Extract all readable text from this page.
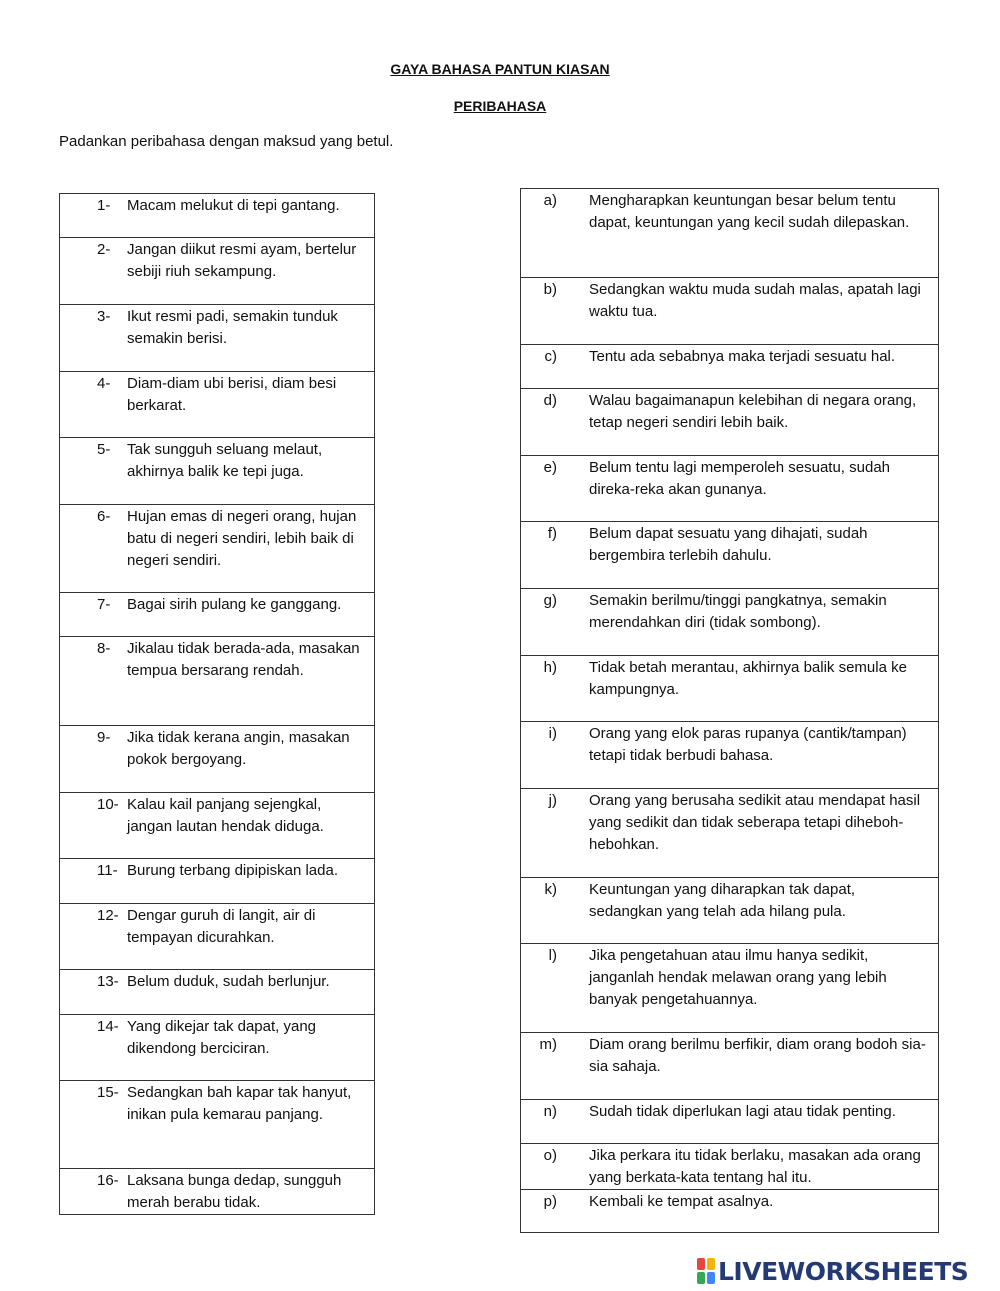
GAYA BAHASA PANTUN KIASAN
PERIBAHASA
Padankan peribahasa dengan maksud yang betul.
1-	Macam melukut di tepi gantang.

2-	Jangan diikut resmi ayam, bertelur sebiji riuh sekampung.

3-	Ikut resmi padi, semakin tunduk semakin berisi.

4-	Diam-diam ubi berisi, diam besi berkarat.

5-	Tak sungguh seluang melaut, akhirnya balik ke tepi juga.

6-	Hujan emas di negeri orang, hujan batu di negeri sendiri, lebih baik di negeri sendiri.

7-	Bagai sirih pulang ke ganggang.

8-	Jikalau tidak berada-ada, masakan tempua bersarang rendah.

9-	Jika tidak kerana angin, masakan pokok bergoyang.

10- Kalau kail panjang sejengkal, jangan lautan hendak diduga.

11- Burung terbang dipipiskan lada.

12- Dengar guruh di langit, air di tempayan dicurahkan.

13- Belum duduk, sudah berlunjur.

14- Yang dikejar tak dapat, yang dikendong berciciran.

15- Sedangkan bah kapar tak hanyut, inikan pula kemarau panjang.

16- Laksana bunga dedap, sungguh merah berabu tidak.
a)	Mengharapkan keuntungan besar belum tentu dapat, keuntungan yang kecil sudah dilepaskan.

b)	Sedangkan waktu muda sudah malas, apatah lagi waktu tua.

c)	Tentu ada sebabnya maka terjadi sesuatu hal.

d)	Walau bagaimanapun kelebihan di negara orang, tetap negeri sendiri lebih baik.

e)	Belum tentu lagi memperoleh sesuatu, sudah direka-reka akan gunanya.

f)	Belum dapat sesuatu yang dihajati, sudah bergembira terlebih dahulu.

g)	Semakin berilmu/tinggi pangkatnya, semakin merendahkan diri (tidak sombong).

h)	Tidak betah merantau, akhirnya balik semula ke kampungnya.

i)	Orang yang elok paras rupanya (cantik/tampan) tetapi tidak berbudi bahasa.

j)	Orang yang berusaha sedikit atau mendapat hasil yang sedikit dan tidak seberapa tetapi diheboh-hebohkan.

k)	Keuntungan yang diharapkan tak dapat, sedangkan yang telah ada hilang pula.

l)	Jika pengetahuan atau ilmu hanya sedikit, janganlah hendak melawan orang yang lebih banyak pengetahuannya.

m)	Diam orang berilmu berfikir, diam orang bodoh sia-sia sahaja.

n)	Sudah tidak diperlukan lagi atau tidak penting.

o)	Jika perkara itu tidak berlaku, masakan ada orang yang berkata-kata tentang hal itu.

p)	Kembali ke tempat asalnya.
LIVEWORKSHEETS
